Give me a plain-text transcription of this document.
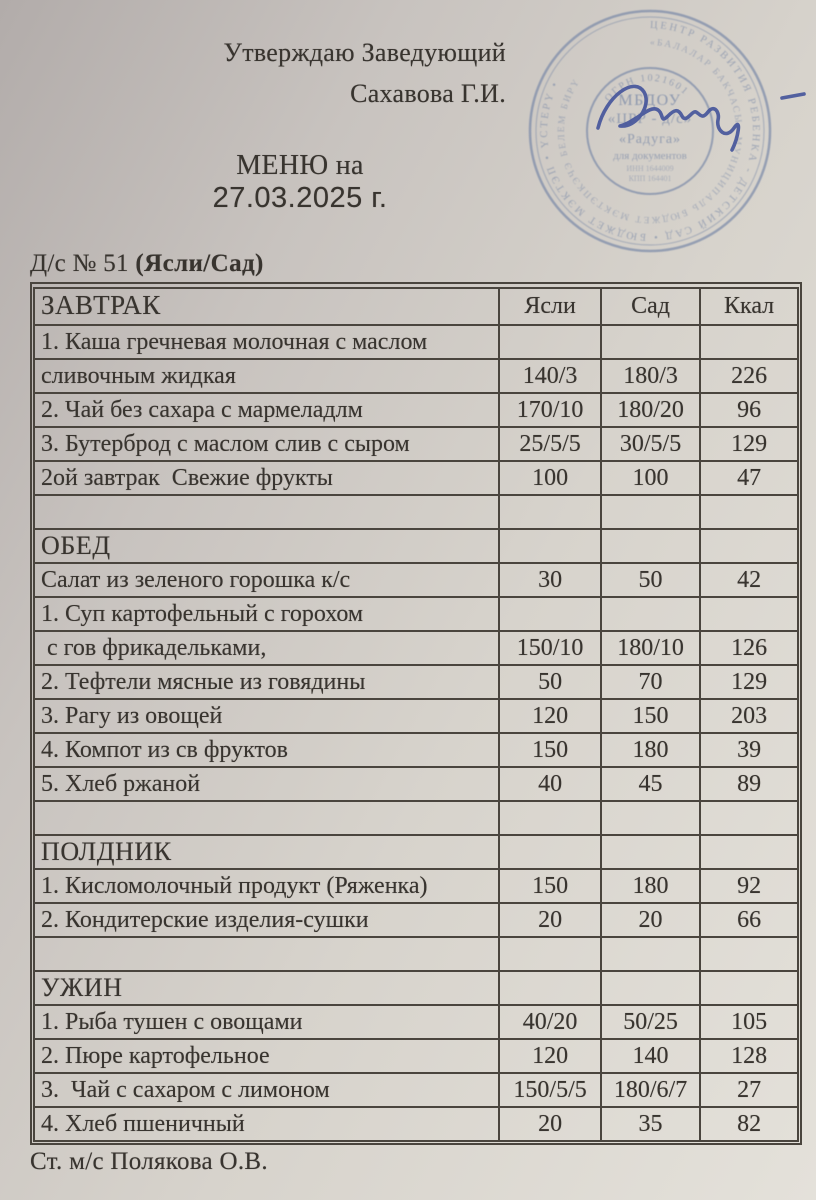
Утверждаю Заведующий
Сахавова Г.И.
МЕНЮ на
27.03.2025 г.
ЦЕНТР РАЗВИТИЯ РЕБЕНКА - ДЕТСКИЙ САД • БЮДЖЕТ МЭКТЭП • ҮСТЕРҮ •
«БАЛАЛАР БАКЧАСЫ» МУНИЦИПАЛЬ БЮДЖЕТ МЭКТЭПКЭЧЭ БЕЛЕМ БИРҮ
ОГРН 1021601
МБДОУ
«ЦРР - д/с»
«Радуга»
для документов
ИНН 1644009
КПП 164401
Д/с № 51 (Ясли/Сад)
ЗАВТРАК	Ясли	Сад	Ккал
1. Каша гречневая молочная с маслом			
сливочным жидкая	140/3	180/3	226
2. Чай без сахара с мармеладлм	170/10	180/20	96
3. Бутерброд с маслом слив с сыром	25/5/5	30/5/5	129
2ой завтрак  Свежие фрукты	100	100	47

ОБЕД			
Салат из зеленого горошка к/с	30	50	42
1. Суп картофельный с горохом			
с гов фрикадельками,	150/10	180/10	126
2. Тефтели мясные из говядины	50	70	129
3. Рагу из овощей	120	150	203
4. Компот из св фруктов	150	180	39
5. Хлеб ржаной	40	45	89

ПОЛДНИК			
1. Кисломолочный продукт (Ряженка)	150	180	92
2. Кондитерские изделия-сушки	20	20	66

УЖИН			
1. Рыба тушен с овощами	40/20	50/25	105
2. Пюре картофельное	120	140	128
3.  Чай с сахаром с лимоном	150/5/5	180/6/7	27
4. Хлеб пшеничный	20	35	82
Ст. м/с Полякова О.В.
